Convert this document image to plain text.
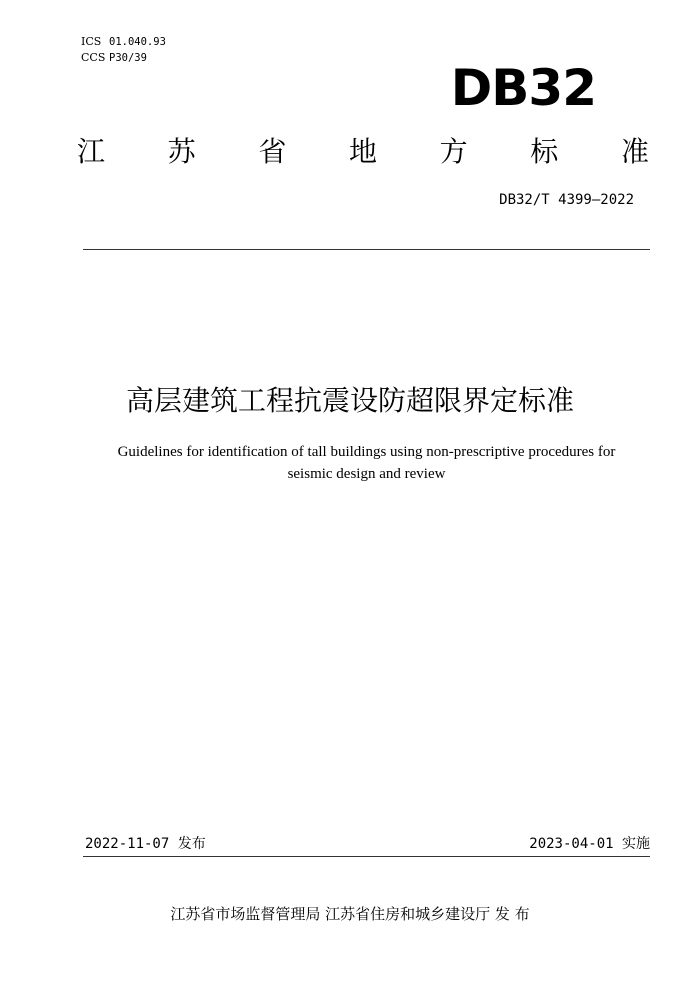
ICS 01.040.93
CCS P30/39
DB32
江 苏 省 地 方 标 准
DB32/T 4399—2022
高层建筑工程抗震设防超限界定标准
Guidelines for identification of tall buildings using non-prescriptive procedures for seismic design and review
2022-11-07 发布	2023-04-01 实施
江苏省市场监督管理局 江苏省住房和城乡建设厅 发 布
